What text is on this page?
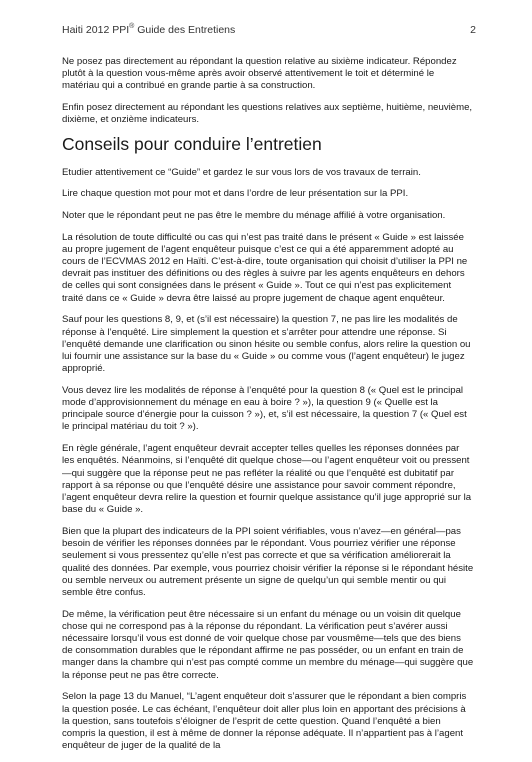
Haiti 2012 PPI® Guide des Entretiens	2

Ne posez pas directement au répondant la question relative au sixième indicateur. Répondez plutôt à la question vous-même après avoir observé attentivement le toit et déterminé le matériau qui a contribué en grande partie à sa construction.

Enfin posez directement au répondant les questions relatives aux septième, huitième, neuvième, dixième, et onzième indicateurs.

Conseils pour conduire l’entretien

Etudier attentivement ce “Guide” et gardez le sur vous lors de vos travaux de terrain.

Lire chaque question mot pour mot et dans l’ordre de leur présentation sur la PPI.

Noter que le répondant peut ne pas être le membre du ménage affilié à votre organisation.

La résolution de toute difficulté ou cas qui n’est pas traité dans le présent « Guide » est laissée au propre jugement de l’agent enquêteur puisque c’est ce qui a été apparemment adopté au cours de l’ECVMAS 2012 en Haïti. C’est-à-dire, toute organisation qui choisit d’utiliser la PPI ne devrait pas instituer des définitions ou des règles à suivre par les agents enquêteurs en dehors de celles qui sont consignées dans le présent « Guide ». Tout ce qui n’est pas explicitement traité dans ce « Guide » devra être laissé au propre jugement de chaque agent enquêteur.

Sauf pour les questions 8, 9, et (s’il est nécessaire) la question 7, ne pas lire les modalités de réponse à l’enquêté. Lire simplement la question et s’arrêter pour attendre une réponse. Si l’enquêté demande une clarification ou sinon hésite ou semble confus, alors relire la question ou lui fournir une assistance sur la base du « Guide » ou comme vous (l’agent enquêteur) le jugez approprié.

Vous devez lire les modalités de réponse à l’enquêté pour la question 8 (« Quel est le principal mode d’approvisionnement du ménage en eau à boire ? »), la question 9 (« Quelle est la principale source d’énergie pour la cuisson ? »), et, s’il est nécessaire, la question 7 (« Quel est le principal matériau du toit ? »).

En règle générale, l’agent enquêteur devrait accepter telles quelles les réponses données par les enquêtés. Néanmoins, si l’enquêté dit quelque chose—ou l’agent enquêteur voit ou pressent—qui suggère que la réponse peut ne pas refléter la réalité ou que l’enquêté est dubitatif par rapport à sa réponse ou que l’enquêté désire une assistance pour savoir comment répondre, l’agent enquêteur devra relire la question et fournir quelque assistance qu’il juge approprié sur la base du « Guide ».

Bien que la plupart des indicateurs de la PPI soient vérifiables, vous n’avez—en général—pas besoin de vérifier les réponses données par le répondant. Vous pourriez vérifier une réponse seulement si vous pressentez qu’elle n’est pas correcte et que sa vérification améliorerait la qualité des données. Par exemple, vous pourriez choisir vérifier la réponse si le répondant hésite ou semble nerveux ou autrement présente un signe de quelqu’un qui semble mentir ou qui semble être confus.

De même, la vérification peut être nécessaire si un enfant du ménage ou un voisin dit quelque chose qui ne correspond pas à la réponse du répondant. La vérification peut s’avérer aussi nécessaire lorsqu’il vous est donné de voir quelque chose par vousmême—tels que des biens de consommation durables que le répondant affirme ne pas posséder, ou un enfant en train de manger dans la chambre qui n’est pas compté comme un membre du ménage—qui suggère que la réponse peut ne pas être correcte.

Selon la page 13 du Manuel, “L’agent enquêteur doit s’assurer que le répondant a bien compris la question posée. Le cas échéant, l’enquêteur doit aller plus loin en apportant des précisions à la question, sans toutefois s’éloigner de l’esprit de cette question. Quand l’enquêté a bien compris la question, il est à même de donner la réponse adéquate. Il n’appartient pas à l’agent enquêteur de juger de la qualité de la
